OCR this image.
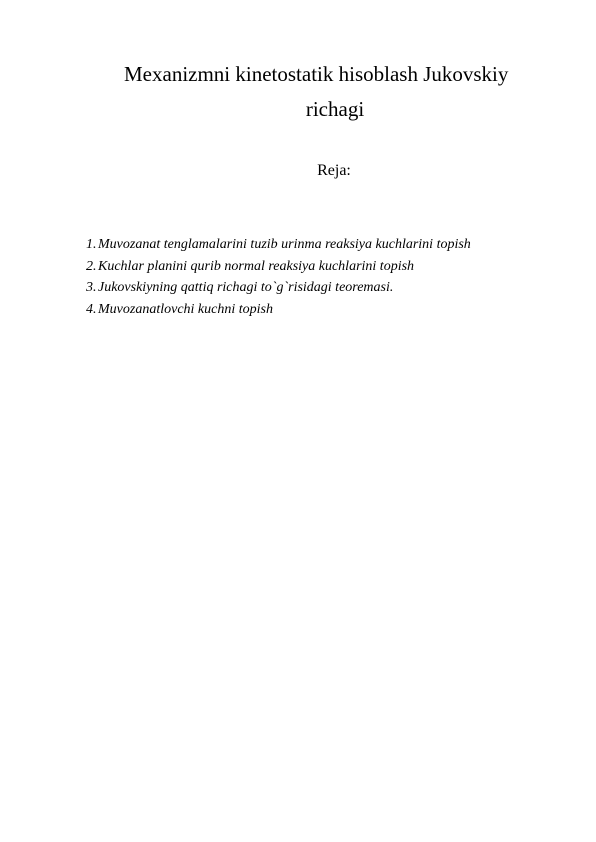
Mexanizmni kinetostatik hisoblash Jukovskiy
richagi
Reja:
1. Muvozanat tenglamalarini tuzib urinma reaksiya kuchlarini topish
2. Kuchlar planini qurib normal reaksiya kuchlarini topish
3. Jukovskiyning qattiq richagi to`g`risidagi teoremasi.
4. Muvozanatlovchi kuchni topish
